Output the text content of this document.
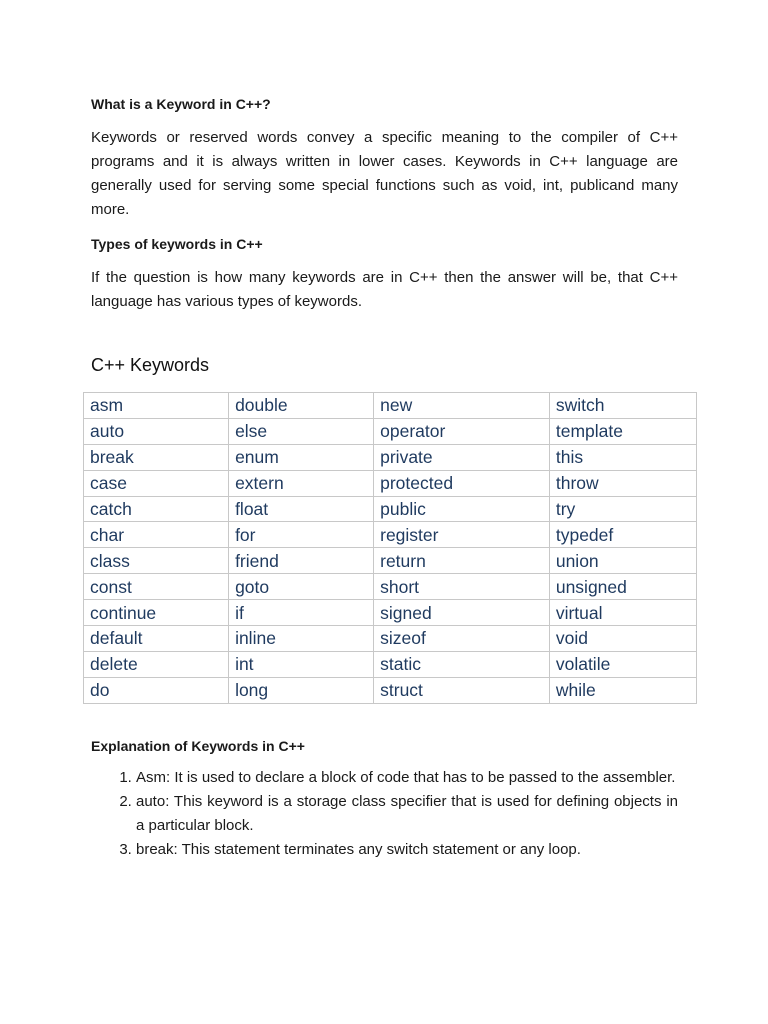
What is a Keyword in C++?

Keywords or reserved words convey a specific meaning to the compiler of C++ programs and it is always written in lower cases. Keywords in C++ language are generally used for serving some special functions such as void, int, publicand many more.

Types of keywords in C++

If the question is how many keywords are in C++ then the answer will be, that C++ language has various types of keywords.

C++ Keywords
asm	double	new	switch
auto	else	operator	template
break	enum	private	this
case	extern	protected	throw
catch	float	public	try
char	for	register	typedef
class	friend	return	union
const	goto	short	unsigned
continue	if	signed	virtual
default	inline	sizeof	void
delete	int	static	volatile
do	long	struct	while

Explanation of Keywords in C++

1. Asm: It is used to declare a block of code that has to be passed to the assembler.
2. auto: This keyword is a storage class specifier that is used for defining objects in a particular block.
3. break: This statement terminates any switch statement or any loop.
